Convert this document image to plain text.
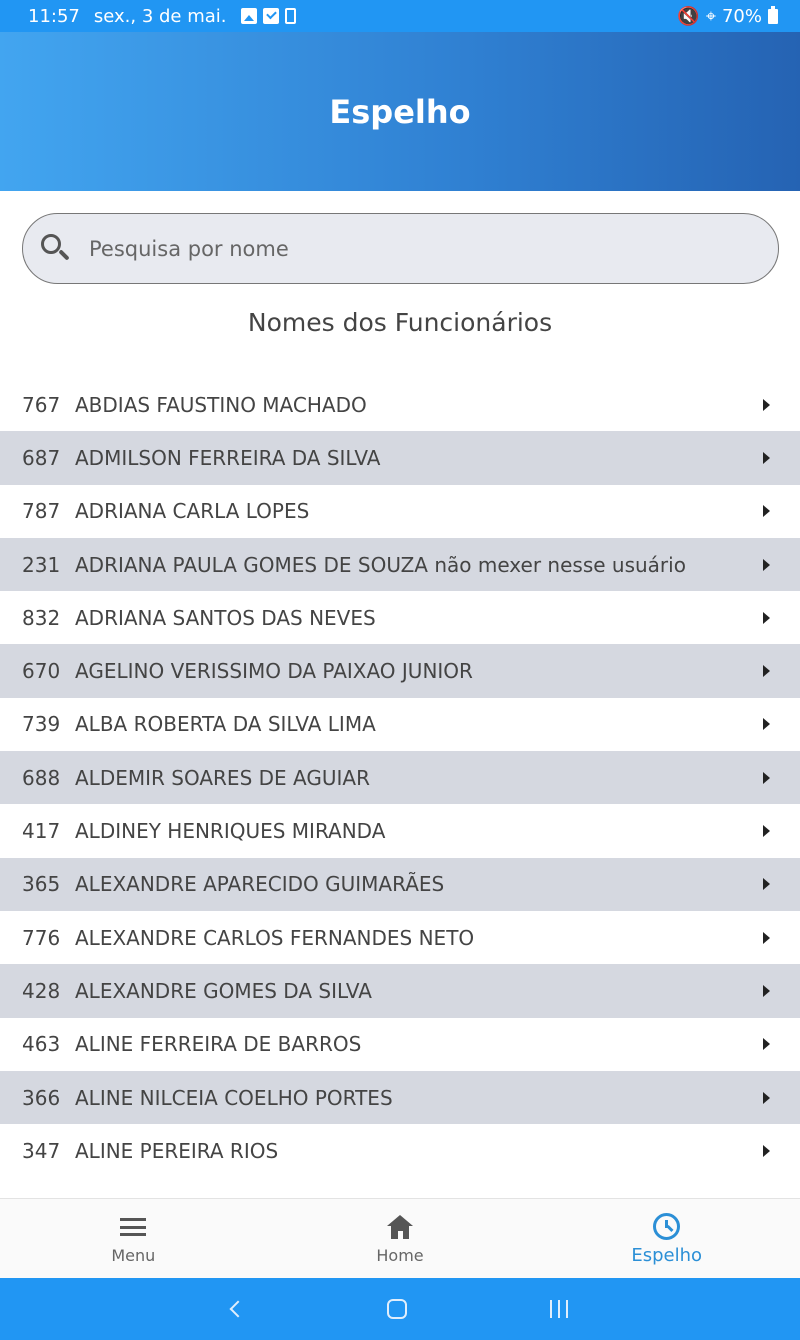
11:57 sex., 3 de mai.	🔇 ⌖ 70%
Espelho
Pesquisa por nome
Nomes dos Funcionários
767 ABDIAS FAUSTINO MACHADO
687 ADMILSON FERREIRA DA SILVA
787 ADRIANA CARLA LOPES
231 ADRIANA PAULA GOMES DE SOUZA não mexer nesse usuário
832 ADRIANA SANTOS DAS NEVES
670 AGELINO VERISSIMO DA PAIXAO JUNIOR
739 ALBA ROBERTA DA SILVA LIMA
688 ALDEMIR SOARES DE AGUIAR
417 ALDINEY HENRIQUES MIRANDA
365 ALEXANDRE APARECIDO GUIMARÃES
776 ALEXANDRE CARLOS FERNANDES NETO
428 ALEXANDRE GOMES DA SILVA
463 ALINE FERREIRA DE BARROS
366 ALINE NILCEIA COELHO PORTES
347 ALINE PEREIRA RIOS
Menu	Home	Espelho
